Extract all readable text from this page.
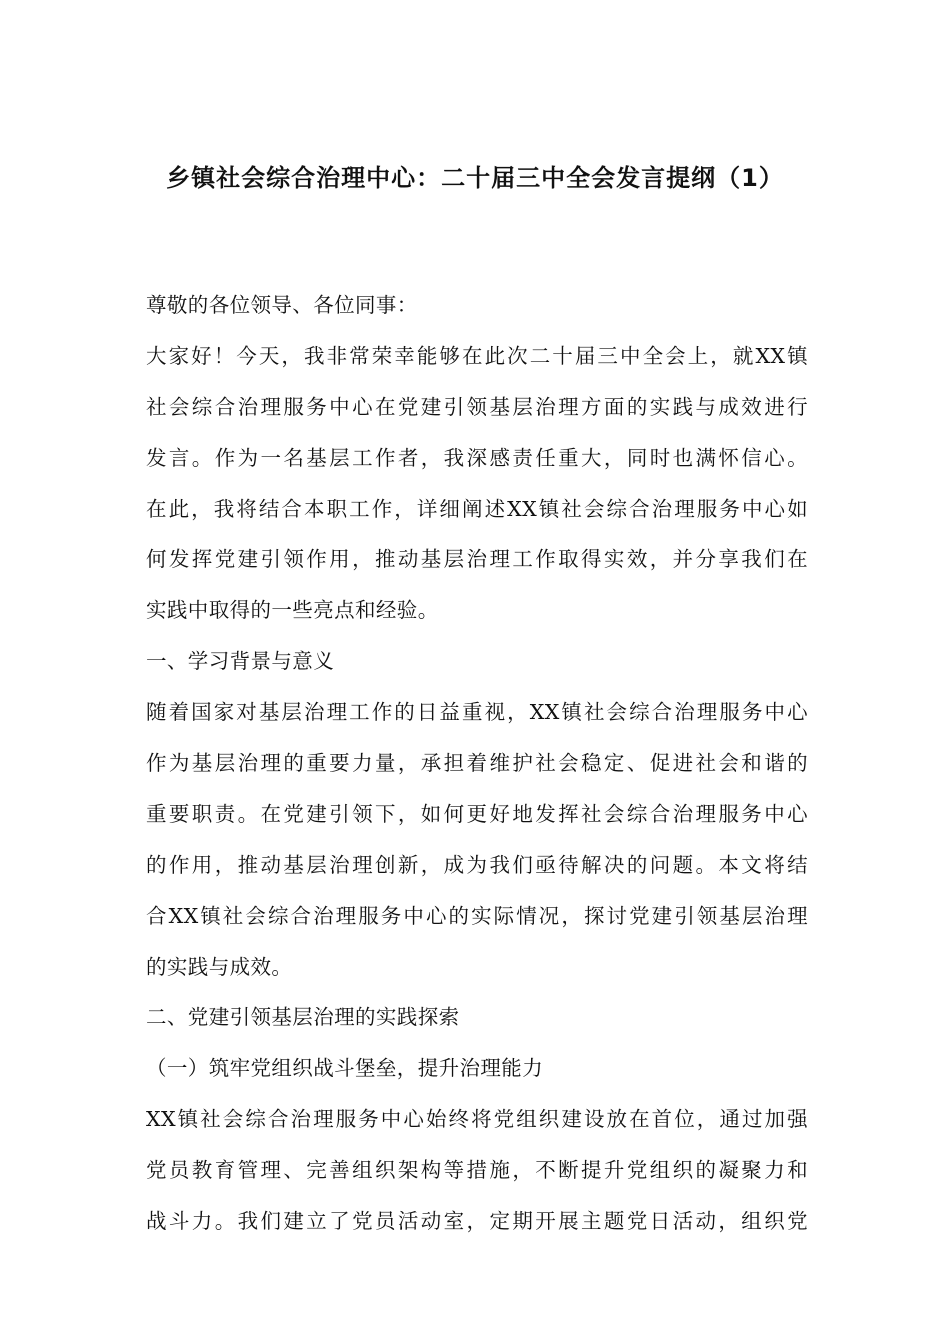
乡镇社会综合治理中心：二十届三中全会发言提纲（1）
尊敬的各位领导、各位同事：
大家好！今天，我非常荣幸能够在此次二十届三中全会上，就XX镇
社会综合治理服务中心在党建引领基层治理方面的实践与成效进行
发言。作为一名基层工作者，我深感责任重大，同时也满怀信心。
在此，我将结合本职工作，详细阐述XX镇社会综合治理服务中心如
何发挥党建引领作用，推动基层治理工作取得实效，并分享我们在
实践中取得的一些亮点和经验。
一、学习背景与意义
随着国家对基层治理工作的日益重视，XX镇社会综合治理服务中心
作为基层治理的重要力量，承担着维护社会稳定、促进社会和谐的
重要职责。在党建引领下，如何更好地发挥社会综合治理服务中心
的作用，推动基层治理创新，成为我们亟待解决的问题。本文将结
合XX镇社会综合治理服务中心的实际情况，探讨党建引领基层治理
的实践与成效。
二、党建引领基层治理的实践探索
（一）筑牢党组织战斗堡垒，提升治理能力
XX镇社会综合治理服务中心始终将党组织建设放在首位，通过加强
党员教育管理、完善组织架构等措施，不断提升党组织的凝聚力和
战斗力。我们建立了党员活动室，定期开展主题党日活动，组织党
